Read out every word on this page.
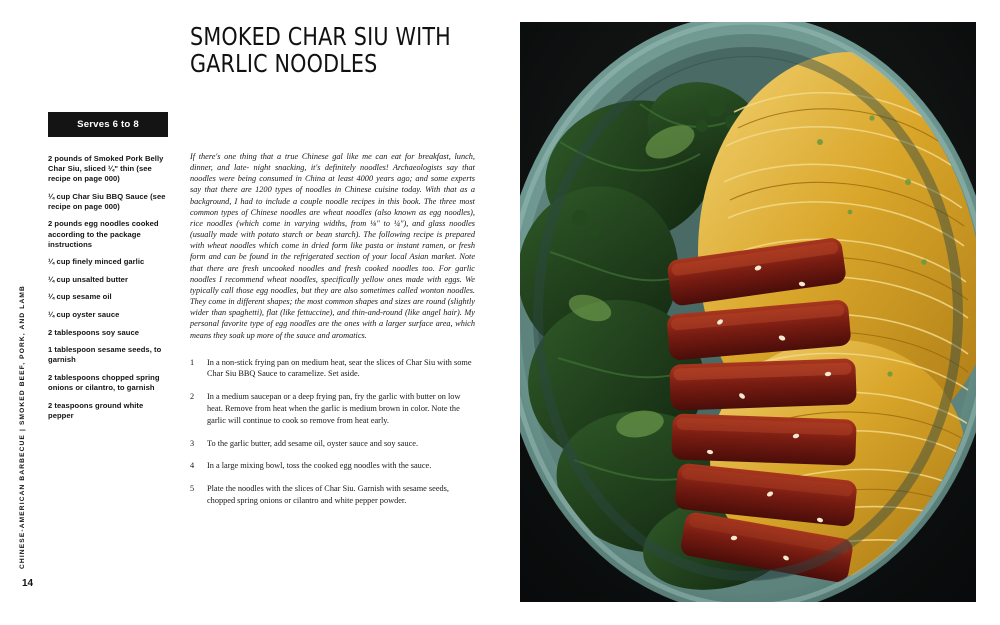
CHINESE-AMERICAN BARBECUE | SMOKED BEEF, PORK, AND LAMB
14
Serves 6 to 8
2 pounds of Smoked Pork Belly Char Siu, sliced ¼" thin (see recipe on page 000)
¼ cup Char Siu BBQ Sauce (see recipe on page 000)
2 pounds egg noodles cooked according to the package instructions
¼ cup finely minced garlic
¼ cup unsalted butter
¼ cup sesame oil
¼ cup oyster sauce
2 tablespoons soy sauce
1 tablespoon sesame seeds, to garnish
2 tablespoons chopped spring onions or cilantro, to garnish
2 teaspoons ground white pepper
SMOKED CHAR SIU WITH GARLIC NOODLES
If there's one thing that a true Chinese gal like me can eat for breakfast, lunch, dinner, and late- night snacking, it's definitely noodles! Archaeologists say that noodles were being consumed in China at least 4000 years ago; and some experts say that there are 1200 types of noodles in Chinese cuisine today. With that as a background, I had to include a couple noodle recipes in this book. The three most common types of Chinese noodles are wheat noodles (also known as egg noodles), rice noodles (which come in varying widths, from ⅛" to ¼"), and glass noodles (usually made with potato starch or bean starch). The following recipe is prepared with wheat noodles which come in dried form like pasta or instant ramen, or fresh form and can be found in the refrigerated section of your local Asian market. Note that there are fresh uncooked noodles and fresh cooked noodles too. For garlic noodles I recommend wheat noodles, specifically yellow ones made with eggs. We typically call those egg noodles, but they are also sometimes called wonton noodles. They come in different shapes; the most common shapes and sizes are round (slightly wider than spaghetti), flat (like fettuccine), and thin-and-round (like angel hair). My personal favorite type of egg noodles are the ones with a larger surface area, which means they soak up more of the sauce and aromatics.
1	In a non-stick frying pan on medium heat, sear the slices of Char Siu with some Char Siu BBQ Sauce to caramelize. Set aside.
2	In a medium saucepan or a deep frying pan, fry the garlic with butter on low heat. Remove from heat when the garlic is medium brown in color. Note the garlic will continue to cook so remove from heat early.
3	To the garlic butter, add sesame oil, oyster sauce and soy sauce.
4	In a large mixing bowl, toss the cooked egg noodles with the sauce.
5	Plate the noodles with the slices of Char Siu. Garnish with sesame seeds, chopped spring onions or cilantro and white pepper powder.
